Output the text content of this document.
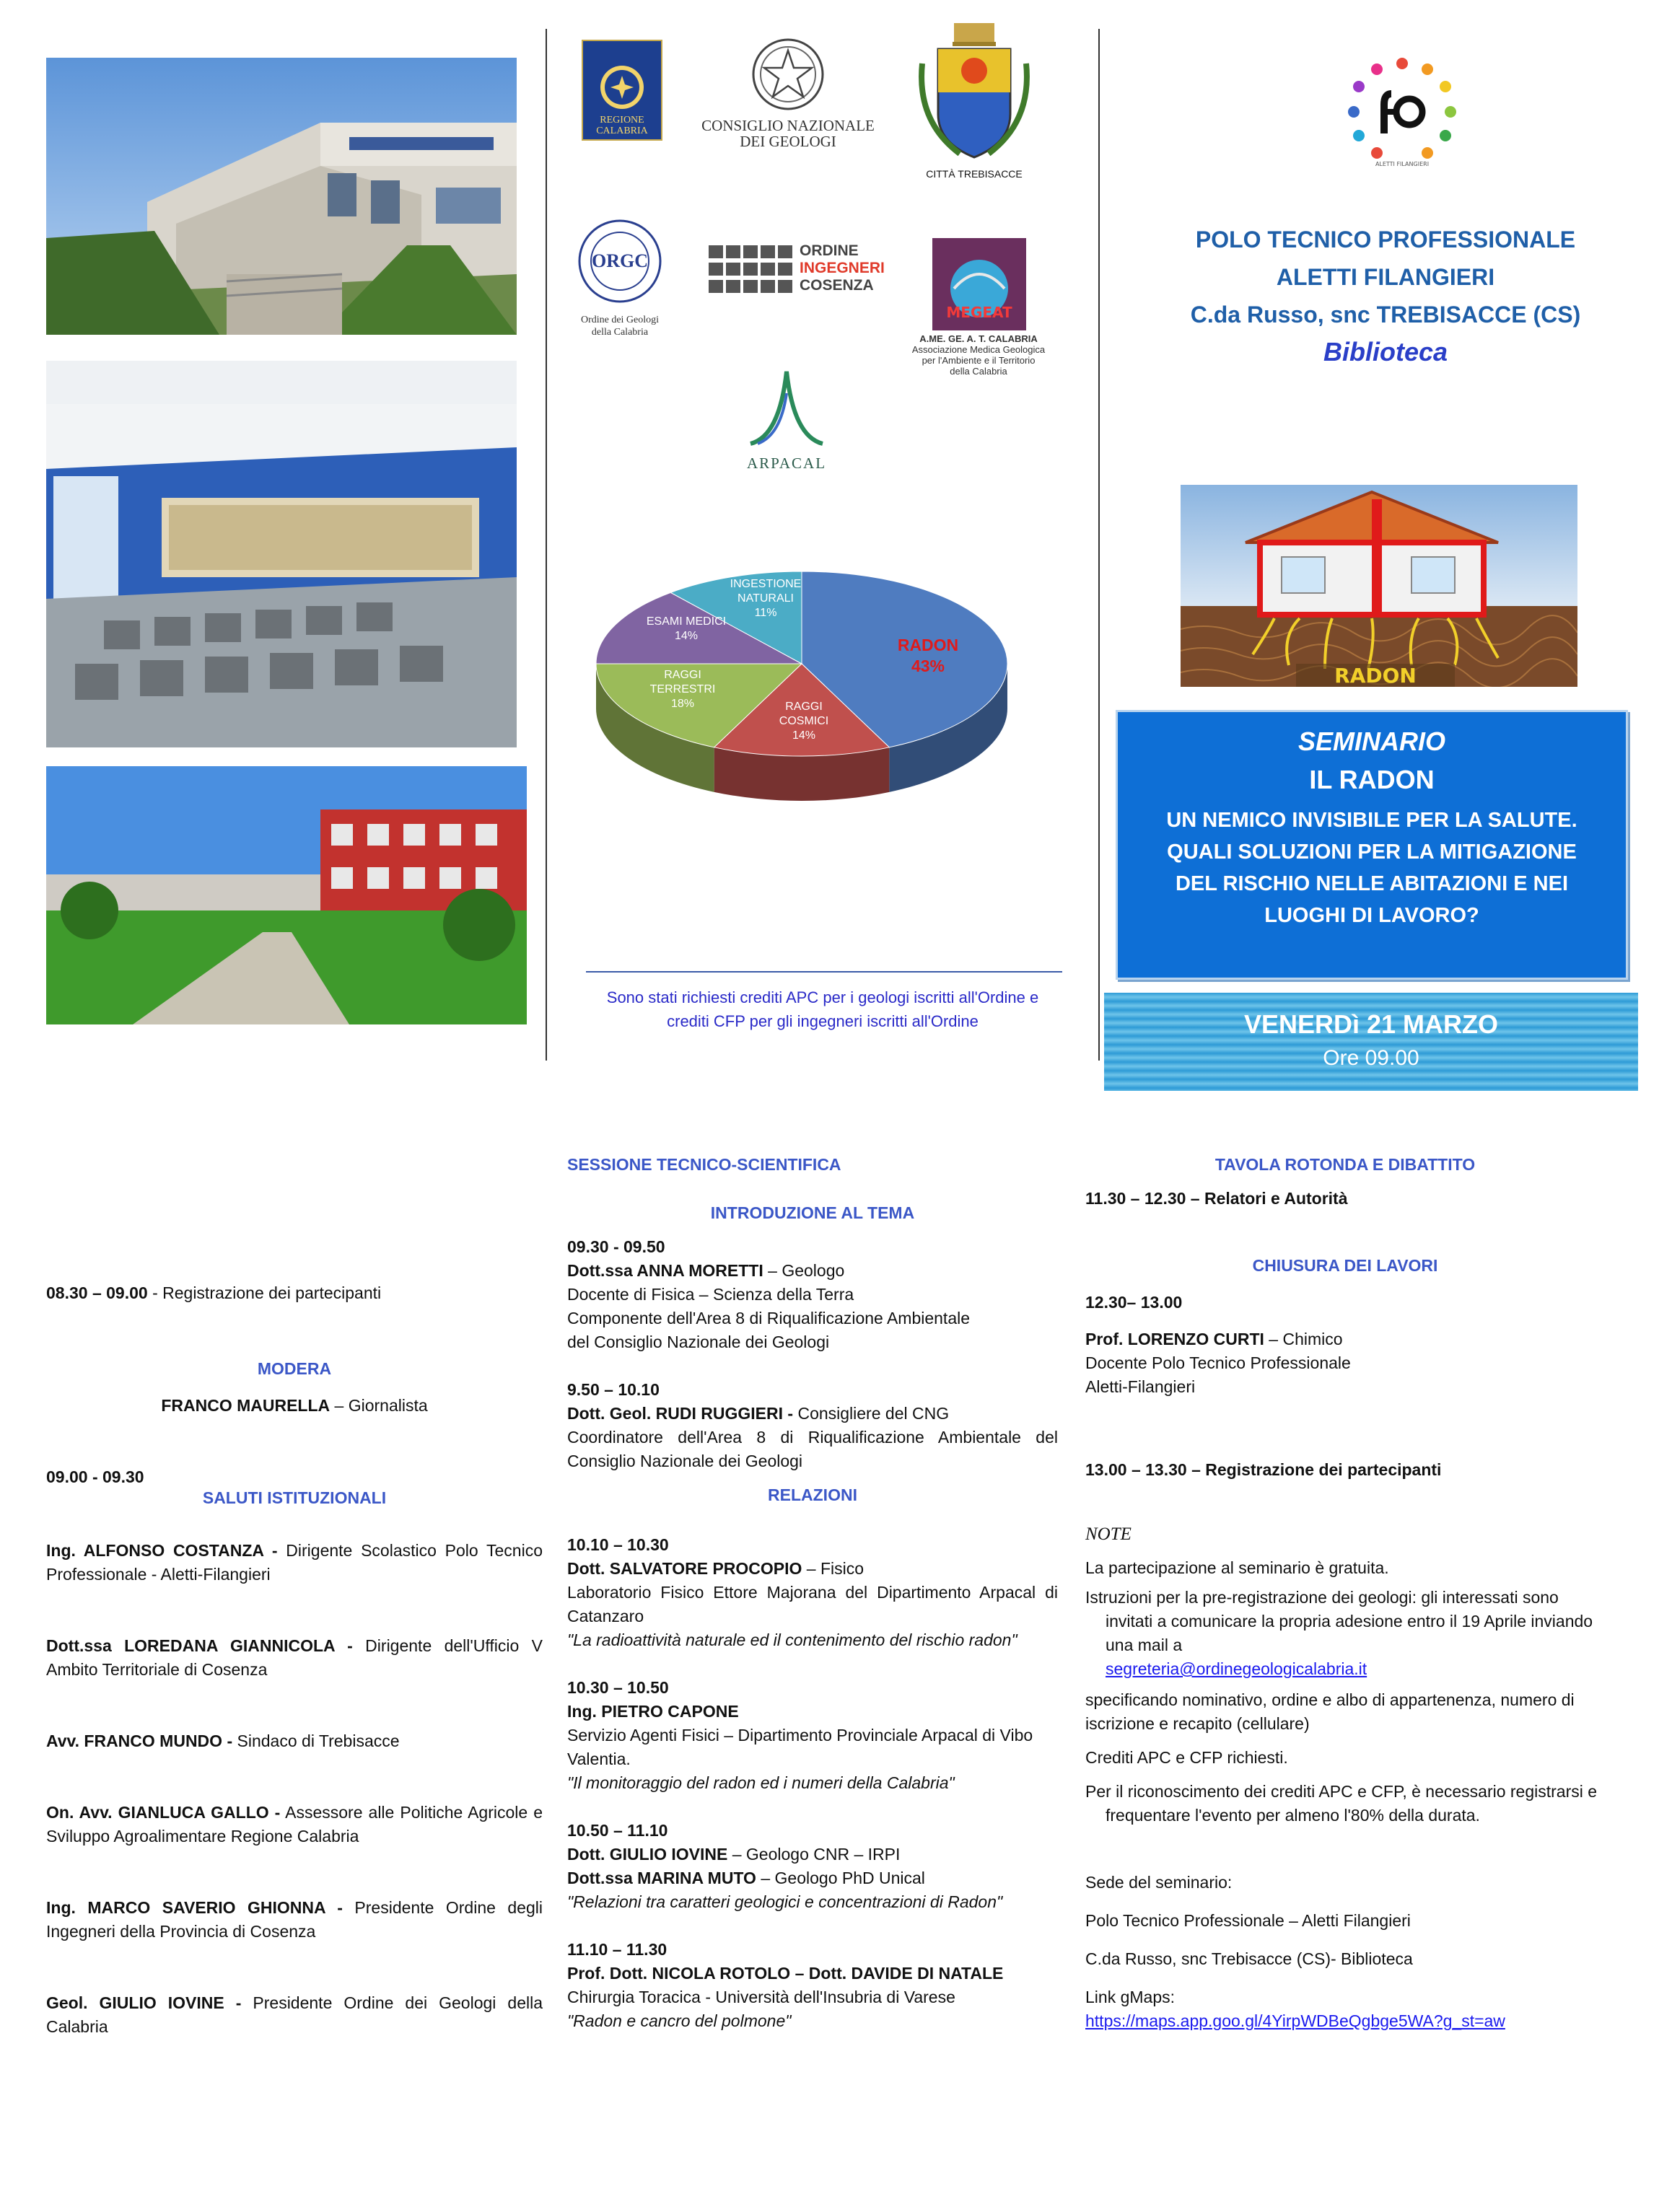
REGIONE
CALABRIA	CONSIGLIO NAZIONALE
DEI GEOLOGI
CITTÀ TREBISACCE
ALETTI FILANGIERI
ORGC
Ordine dei Geologi
della Calabria
ORDINE
INGEGNERI
COSENZA
MEGEAT
A.ME. GE. A. T. CALABRIA
Associazione Medica Geologica
per l'Ambiente e il Territorio
della Calabria
ARPACAL
POLO TECNICO PROFESSIONALE
ALETTI FILANGIERI
C.da Russo, snc TREBISACCE (CS)
Biblioteca
RADON
43%
RAGGI
COSMICI
14%
RAGGI
TERRESTRI
18%
ESAMI MEDICI
14%
INGESTIONE
NATURALI
11%
Sono stati richiesti crediti APC per i geologi iscritti all'Ordine e
crediti CFP per gli ingegneri iscritti all'Ordine
RADON
SEMINARIO
IL RADON
UN NEMICO INVISIBILE PER LA SALUTE.
QUALI SOLUZIONI PER LA MITIGAZIONE
DEL RISCHIO NELLE ABITAZIONI E NEI
LUOGHI DI LAVORO?
VENERDì 21 MARZO
Ore 09.00
08.30 – 09.00 - Registrazione dei partecipanti
MODERA
FRANCO MAURELLA – Giornalista
09.00 - 09.30
SALUTI ISTITUZIONALI
Ing. ALFONSO COSTANZA - Dirigente Scolastico Polo Tecnico Professionale - Aletti-Filangieri
Dott.ssa LOREDANA GIANNICOLA - Dirigente dell'Ufficio V Ambito Territoriale di Cosenza
Avv. FRANCO MUNDO - Sindaco di Trebisacce
On. Avv. GIANLUCA GALLO - Assessore alle Politiche Agricole e Sviluppo Agroalimentare Regione Calabria
Ing. MARCO SAVERIO GHIONNA - Presidente Ordine degli Ingegneri della Provincia di Cosenza
Geol. GIULIO IOVINE - Presidente Ordine dei Geologi della Calabria
SESSIONE TECNICO-SCIENTIFICA
INTRODUZIONE AL TEMA
09.30 - 09.50
Dott.ssa ANNA MORETTI – Geologo
Docente di Fisica – Scienza della Terra
Componente dell'Area 8 di Riqualificazione Ambientale
del Consiglio Nazionale dei Geologi
9.50 – 10.10
Dott. Geol. RUDI RUGGIERI - Consigliere del CNG
Coordinatore dell'Area 8 di Riqualificazione Ambientale del Consiglio Nazionale dei Geologi
RELAZIONI
10.10 – 10.30
Dott. SALVATORE PROCOPIO – Fisico
Laboratorio Fisico Ettore Majorana del Dipartimento Arpacal di Catanzaro
"La radioattività naturale ed il contenimento del rischio radon"
10.30 – 10.50
Ing. PIETRO CAPONE
Servizio Agenti Fisici – Dipartimento Provinciale Arpacal di Vibo Valentia.
"Il monitoraggio del radon ed i numeri della Calabria"
10.50 – 11.10
Dott. GIULIO IOVINE – Geologo CNR – IRPI
Dott.ssa MARINA MUTO – Geologo PhD Unical
"Relazioni tra caratteri geologici e concentrazioni di Radon"
11.10 – 11.30
Prof. Dott. NICOLA ROTOLO – Dott. DAVIDE DI NATALE
Chirurgia Toracica - Università dell'Insubria di Varese
"Radon e cancro del polmone"
TAVOLA ROTONDA E DIBATTITO
11.30 – 12.30 – Relatori e Autorità
CHIUSURA DEI LAVORI
12.30– 13.00
Prof. LORENZO CURTI – Chimico
Docente Polo Tecnico Professionale
Aletti-Filangieri
13.00 – 13.30 – Registrazione dei partecipanti
NOTE
La partecipazione al seminario è gratuita.
Istruzioni per la pre-registrazione dei geologi: gli interessati sono invitati a comunicare la propria adesione entro il 19 Aprile inviando una mail a
segreteria@ordinegeologicalabria.it
specificando nominativo, ordine e albo di appartenenza, numero di iscrizione e recapito (cellulare)
Crediti APC e CFP richiesti.
Per il riconoscimento dei crediti APC e CFP, è necessario registrarsi e frequentare l'evento per almeno l'80% della durata.
Sede del seminario:
Polo Tecnico Professionale – Aletti Filangieri
C.da Russo, snc Trebisacce (CS)- Biblioteca
Link gMaps:
https://maps.app.goo.gl/4YirpWDBeQgbge5WA?g_st=aw
